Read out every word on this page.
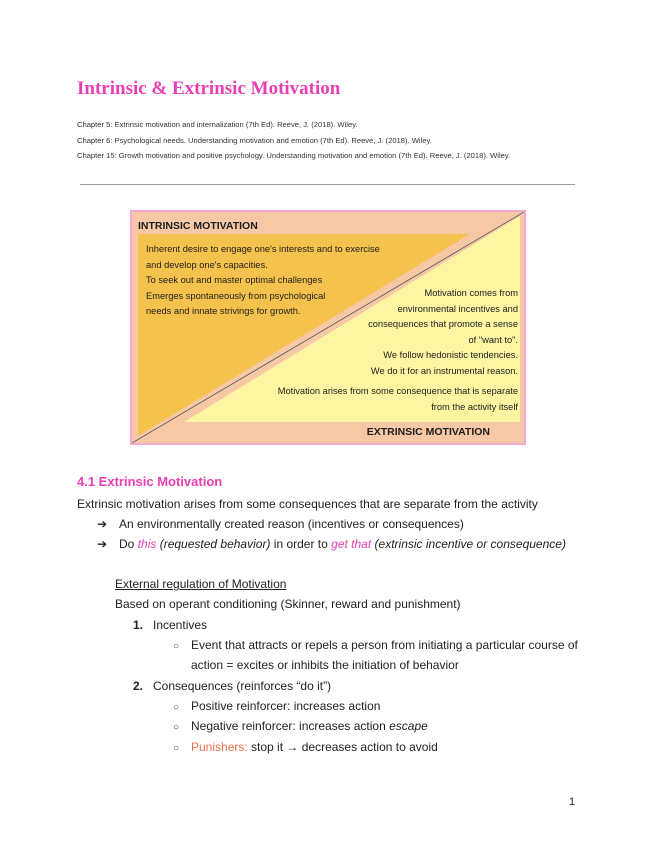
Intrinsic & Extrinsic Motivation
Chapter 5: Extrinsic motivation and internalization (7th Ed). Reeve, J. (2018). Wiley.
Chapter 6: Psychological needs. Understanding motivation and emotion (7th Ed). Reeve, J. (2018). Wiley.
Chapter 15: Growth motivation and positive psychology. Understanding motivation and emotion (7th Ed). Reeve, J. (2018). Wiley.
INTRINSIC MOTIVATION
Inherent desire to engage one's interests and to exercise
and develop one's capacities.
To seek out and master optimal challenges
Emerges spontaneously from psychological
needs and innate strivings for growth.
Motivation comes from
environmental incentives and
consequences that promote a sense
of "want to".
We follow hedonistic tendencies.
We do it for an instrumental reason.
Motivation arises from some consequence that is separate
from the activity itself
EXTRINSIC MOTIVATION
4.1 Extrinsic Motivation
Extrinsic motivation arises from some consequences that are separate from the activity
➔ An environmentally created reason (incentives or consequences)
➔ Do this (requested behavior) in order to get that (extrinsic incentive or consequence)
External regulation of Motivation
Based on operant conditioning (Skinner, reward and punishment)
1. Incentives
○ Event that attracts or repels a person from initiating a particular course of
action = excites or inhibits the initiation of behavior
2. Consequences (reinforces “do it”)
○ Positive reinforcer: increases action
○ Negative reinforcer: increases action escape
○ Punishers: stop it → decreases action to avoid
1
